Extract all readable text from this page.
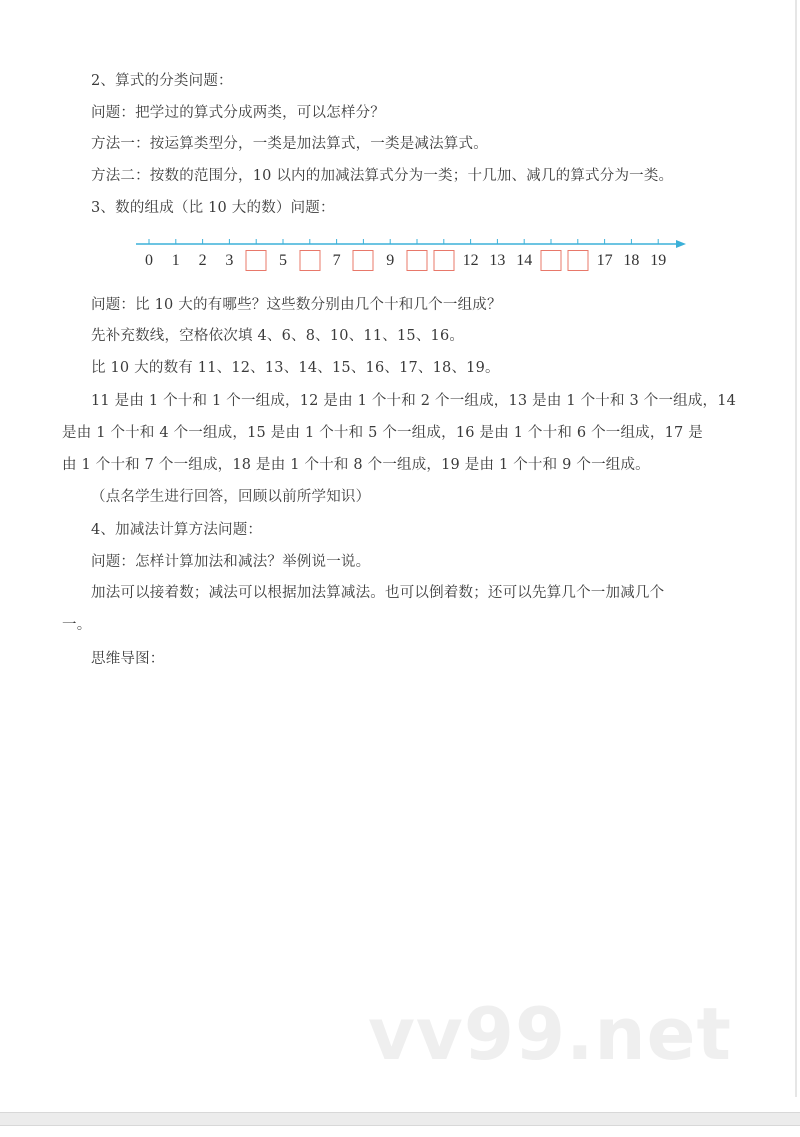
2、算式的分类问题：
问题：把学过的算式分成两类，可以怎样分？
方法一：按运算类型分，一类是加法算式，一类是减法算式。
方法二：按数的范围分，10 以内的加减法算式分为一类；十几加、减几的算式分为一类。
3、数的组成（比 10 大的数）问题：
0 1 2 3	5	7	9	12 13 14	17 18 19
问题：比 10 大的有哪些？这些数分别由几个十和几个一组成？
先补充数线，空格依次填 4、6、8、10、11、15、16。
比 10 大的数有 11、12、13、14、15、16、17、18、19。
11 是由 1 个十和 1 个一组成，12 是由 1 个十和 2 个一组成，13 是由 1 个十和 3 个一组成，14
是由 1 个十和 4 个一组成，15 是由 1 个十和 5 个一组成，16 是由 1 个十和 6 个一组成，17 是
由 1 个十和 7 个一组成，18 是由 1 个十和 8 个一组成，19 是由 1 个十和 9 个一组成。
（点名学生进行回答，回顾以前所学知识）
4、加减法计算方法问题：
问题：怎样计算加法和减法？举例说一说。
加法可以接着数；减法可以根据加法算减法。也可以倒着数；还可以先算几个一加减几个
一。
思维导图：
vv99.net
